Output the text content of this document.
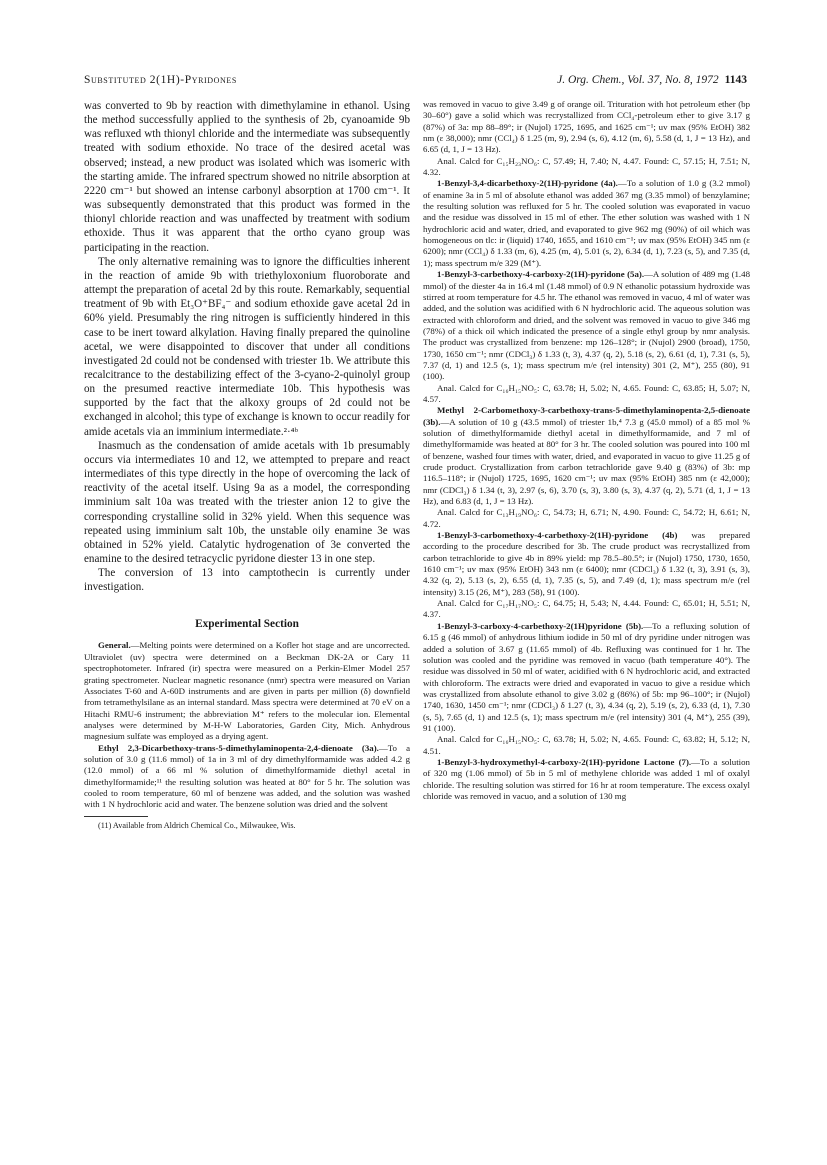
Substituted 2(1H)-Pyridones	J. Org. Chem., Vol. 37, No. 8, 1972 1143

was converted to 9b by reaction with dimethylamine in ethanol. Using the method successfully applied to the synthesis of 2b, cyanoamide 9b was refluxed wth thionyl chloride and the intermediate was subsequently treated with sodium ethoxide. No trace of the desired acetal was observed; instead, a new product was isolated which was isomeric with the starting amide. The infrared spectrum showed no nitrile absorption at 2220 cm⁻¹ but showed an intense carbonyl absorption at 1700 cm⁻¹. It was subsequently demonstrated that this product was formed in the thionyl chloride reaction and was unaffected by treatment with sodium ethoxide. Thus it was apparent that the ortho cyano group was participating in the reaction.

The only alternative remaining was to ignore the difficulties inherent in the reaction of amide 9b with triethyloxonium fluoroborate and attempt the preparation of acetal 2d by this route. Remarkably, sequential treatment of 9b with Et₃O⁺BF₄⁻ and sodium ethoxide gave acetal 2d in 60% yield. Presumably the ring nitrogen is sufficiently hindered in this case to be inert toward alkylation. Having finally prepared the quinoline acetal, we were disappointed to discover that under all conditions investigated 2d could not be condensed with triester 1b. We attribute this recalcitrance to the destabilizing effect of the 3-cyano-2-quinolyl group on the presumed reactive intermediate 10b. This hypothesis was supported by the fact that the alkoxy groups of 2d could not be exchanged in alcohol; this type of exchange is known to occur readily for amide acetals via an imminium intermediate.²·⁴ᵇ

Inasmuch as the condensation of amide acetals with 1b presumably occurs via intermediates 10 and 12, we attempted to prepare and react intermediates of this type directly in the hope of overcoming the lack of reactivity of the acetal itself. Using 9a as a model, the corresponding imminium salt 10a was treated with the triester anion 12 to give the corresponding crystalline solid in 32% yield. When this sequence was repeated using imminium salt 10b, the unstable oily enamine 3e was obtained in 52% yield. Catalytic hydrogenation of 3e converted the enamine to the desired tetracyclic pyridone diester 13 in one step.

The conversion of 13 into camptothecin is currently under investigation.

Experimental Section

General.—Melting points were determined on a Kofler hot stage and are uncorrected. Ultraviolet (uv) spectra were determined on a Beckman DK-2A or Cary 11 spectrophotometer. Infrared (ir) spectra were measured on a Perkin-Elmer Model 257 grating spectrometer. Nuclear magnetic resonance (nmr) spectra were measured on Varian Associates T-60 and A-60D instruments and are given in parts per million (δ) downfield from tetramethylsilane as an internal standard. Mass spectra were determined at 70 eV on a Hitachi RMU-6 instrument; the abbreviation M⁺ refers to the molecular ion. Elemental analyses were determined by M-H-W Laboratories, Garden City, Mich. Anhydrous magnesium sulfate was employed as a drying agent.

Ethyl 2,3-Dicarbethoxy-trans-5-dimethylaminopenta-2,4-dienoate (3a).—To a solution of 3.0 g (11.6 mmol) of 1a in 3 ml of dry dimethylformamide was added 4.2 g (12.0 mmol) of a 66 ml % solution of dimethylformamide diethyl acetal in dimethylformamide;¹¹ the resulting solution was heated at 80° for 5 hr. The solution was cooled to room temperature, 60 ml of benzene was added, and the solution was washed with 1 N hydrochloric acid and water. The benzene solution was dried and the solvent

(11) Available from Aldrich Chemical Co., Milwaukee, Wis.

was removed in vacuo to give 3.49 g of orange oil. Trituration with hot petroleum ether (bp 30–60°) gave a solid which was recrystallized from CCl₄-petroleum ether to give 3.17 g (87%) of 3a: mp 88–89°; ir (Nujol) 1725, 1695, and 1625 cm⁻¹; uv max (95% EtOH) 382 nm (ε 38,000); nmr (CCl₄) δ 1.25 (m, 9), 2.94 (s, 6), 4.12 (m, 6), 5.58 (d, 1, J = 13 Hz), and 6.65 (d, 1, J = 13 Hz).

Anal. Calcd for C₁₅H₂₃NO₆: C, 57.49; H, 7.40; N, 4.47. Found: C, 57.15; H, 7.51; N, 4.32.

1-Benzyl-3,4-dicarbethoxy-2(1H)-pyridone (4a).—To a solution of 1.0 g (3.2 mmol) of enamine 3a in 5 ml of absolute ethanol was added 367 mg (3.35 mmol) of benzylamine; the resulting solution was refluxed for 5 hr. The cooled solution was evaporated in vacuo and the residue was dissolved in 15 ml of ether. The ether solution was washed with 1 N hydrochloric acid and water, dried, and evaporated to give 962 mg (90%) of oil which was homogeneous on tlc: ir (liquid) 1740, 1655, and 1610 cm⁻¹; uv max (95% EtOH) 345 nm (ε 6200); nmr (CCl₄) δ 1.33 (m, 6), 4.25 (m, 4), 5.01 (s, 2), 6.34 (d, 1), 7.23 (s, 5), and 7.35 (d, 1); mass spectrum m/e 329 (M⁺).

1-Benzyl-3-carbethoxy-4-carboxy-2(1H)-pyridone (5a).—A solution of 489 mg (1.48 mmol) of the diester 4a in 16.4 ml (1.48 mmol) of 0.9 N ethanolic potassium hydroxide was stirred at room temperature for 4.5 hr. The ethanol was removed in vacuo, 4 ml of water was added, and the solution was acidified with 6 N hydrochloric acid. The aqueous solution was extracted with chloroform and dried, and the solvent was removed in vacuo to give 346 mg (78%) of a thick oil which indicated the presence of a single ethyl group by nmr analysis. The product was crystallized from benzene: mp 126–128°; ir (Nujol) 2900 (broad), 1750, 1730, 1650 cm⁻¹; nmr (CDCl₃) δ 1.33 (t, 3), 4.37 (q, 2), 5.18 (s, 2), 6.61 (d, 1), 7.31 (s, 5), 7.37 (d, 1) and 12.5 (s, 1); mass spectrum m/e (rel intensity) 301 (2, M⁺), 255 (80), 91 (100).

Anal. Calcd for C₁₆H₁₅NO₅: C, 63.78; H, 5.02; N, 4.65. Found: C, 63.85; H, 5.07; N, 4.57.

Methyl 2-Carbomethoxy-3-carbethoxy-trans-5-dimethylaminopenta-2,5-dienoate (3b).—A solution of 10 g (43.5 mmol) of triester 1b,⁴ 7.3 g (45.0 mmol) of a 85 mol % solution of dimethylformamide diethyl acetal in dimethylformamide, and 7 ml of dimethylformamide was heated at 80° for 3 hr. The cooled solution was poured into 100 ml of benzene, washed four times with water, dried, and evaporated in vacuo to give 11.25 g of crude product. Crystallization from carbon tetrachloride gave 9.40 g (83%) of 3b: mp 116.5–118°; ir (Nujol) 1725, 1695, 1620 cm⁻¹; uv max (95% EtOH) 385 nm (ε 42,000); nmr (CDCl₃) δ 1.34 (t, 3), 2.97 (s, 6), 3.70 (s, 3), 3.80 (s, 3), 4.37 (q, 2), 5.71 (d, 1, J = 13 Hz), and 6.83 (d, 1, J = 13 Hz).

Anal. Calcd for C₁₃H₁₉NO₆: C, 54.73; H, 6.71; N, 4.90. Found: C, 54.72; H, 6.61; N, 4.72.

1-Benzyl-3-carbomethoxy-4-carbethoxy-2(1H)-pyridone (4b) was prepared according to the procedure described for 3b. The crude product was recrystallized from carbon tetrachloride to give 4b in 89% yield: mp 78.5–80.5°; ir (Nujol) 1750, 1730, 1650, 1610 cm⁻¹; uv max (95% EtOH) 343 nm (ε 6400); nmr (CDCl₃) δ 1.32 (t, 3), 3.91 (s, 3), 4.32 (q, 2), 5.13 (s, 2), 6.55 (d, 1), 7.35 (s, 5), and 7.49 (d, 1); mass spectrum m/e (rel intensity) 3.15 (26, M⁺), 283 (58), 91 (100).

Anal. Calcd for C₁₇H₁₇NO₅: C, 64.75; H, 5.43; N, 4.44. Found: C, 65.01; H, 5.51; N, 4.37.

1-Benzyl-3-carboxy-4-carbethoxy-2(1H)pyridone (5b).—To a refluxing solution of 6.15 g (46 mmol) of anhydrous lithium iodide in 50 ml of dry pyridine under nitrogen was added a solution of 3.67 g (11.65 mmol) of 4b. Refluxing was continued for 1 hr. The solution was cooled and the pyridine was removed in vacuo (bath temperature 40°). The residue was dissolved in 50 ml of water, acidified with 6 N hydrochloric acid, and extracted with chloroform. The extracts were dried and evaporated in vacuo to give a residue which was crystallized from absolute ethanol to give 3.02 g (86%) of 5b: mp 96–100°; ir (Nujol) 1740, 1630, 1450 cm⁻¹; nmr (CDCl₃) δ 1.27 (t, 3), 4.34 (q, 2), 5.19 (s, 2), 6.33 (d, 1), 7.30 (s, 5), 7.65 (d, 1) and 12.5 (s, 1); mass spectrum m/e (rel intensity) 301 (4, M⁺), 255 (39), 91 (100).

Anal. Calcd for C₁₆H₁₅NO₅: C, 63.78; H, 5.02; N, 4.65. Found: C, 63.82; H, 5.12; N, 4.51.

1-Benzyl-3-hydroxymethyl-4-carboxy-2(1H)-pyridone Lactone (7).—To a solution of 320 mg (1.06 mmol) of 5b in 5 ml of methylene chloride was added 1 ml of oxalyl chloride. The resulting solution was stirred for 16 hr at room temperature. The excess oxalyl chloride was removed in vacuo, and a solution of 130 mg
